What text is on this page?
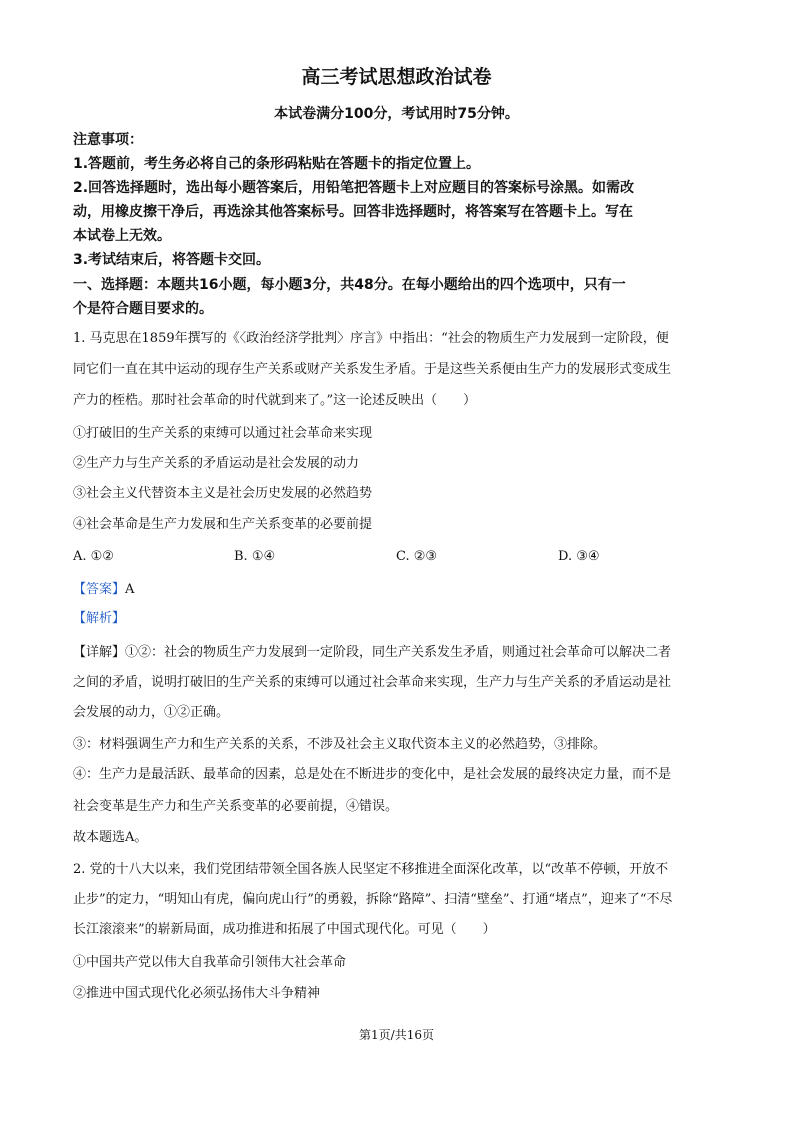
高三考试思想政治试卷
本试卷满分100分，考试用时75分钟。
注意事项：
1.答题前，考生务必将自己的条形码粘贴在答题卡的指定位置上。
2.回答选择题时，选出每小题答案后，用铅笔把答题卡上对应题目的答案标号涂黑。如需改
动，用橡皮擦干净后，再选涂其他答案标号。回答非选择题时，将答案写在答题卡上。写在
本试卷上无效。
3.考试结束后，将答题卡交回。
一、选择题：本题共16小题，每小题3分，共48分。在每小题给出的四个选项中，只有一
个是符合题目要求的。
1. 马克思在1859年撰写的《〈政治经济学批判〉序言》中指出：“社会的物质生产力发展到一定阶段，便
同它们一直在其中运动的现存生产关系或财产关系发生矛盾。于是这些关系便由生产力的发展形式变成生
产力的桎梏。那时社会革命的时代就到来了。”这一论述反映出（　　）
①打破旧的生产关系的束缚可以通过社会革命来实现
②生产力与生产关系的矛盾运动是社会发展的动力
③社会主义代替资本主义是社会历史发展的必然趋势
④社会革命是生产力发展和生产关系变革的必要前提
A. ①②	B. ①④	C. ②③	D. ③④
【答案】A
【解析】
【详解】①②：社会的物质生产力发展到一定阶段，同生产关系发生矛盾，则通过社会革命可以解决二者
之间的矛盾，说明打破旧的生产关系的束缚可以通过社会革命来实现，生产力与生产关系的矛盾运动是社
会发展的动力，①②正确。
③：材料强调生产力和生产关系的关系，不涉及社会主义取代资本主义的必然趋势，③排除。
④：生产力是最活跃、最革命的因素，总是处在不断进步的变化中，是社会发展的最终决定力量，而不是
社会变革是生产力和生产关系变革的必要前提，④错误。
故本题选A。
2. 党的十八大以来，我们党团结带领全国各族人民坚定不移推进全面深化改革，以“改革不停顿，开放不
止步”的定力，“明知山有虎，偏向虎山行”的勇毅，拆除“路障”、扫清“壁垒”、打通“堵点”，迎来了“不尽
长江滚滚来”的崭新局面，成功推进和拓展了中国式现代化。可见（　　）
①中国共产党以伟大自我革命引领伟大社会革命
②推进中国式现代化必须弘扬伟大斗争精神
第1页/共16页
